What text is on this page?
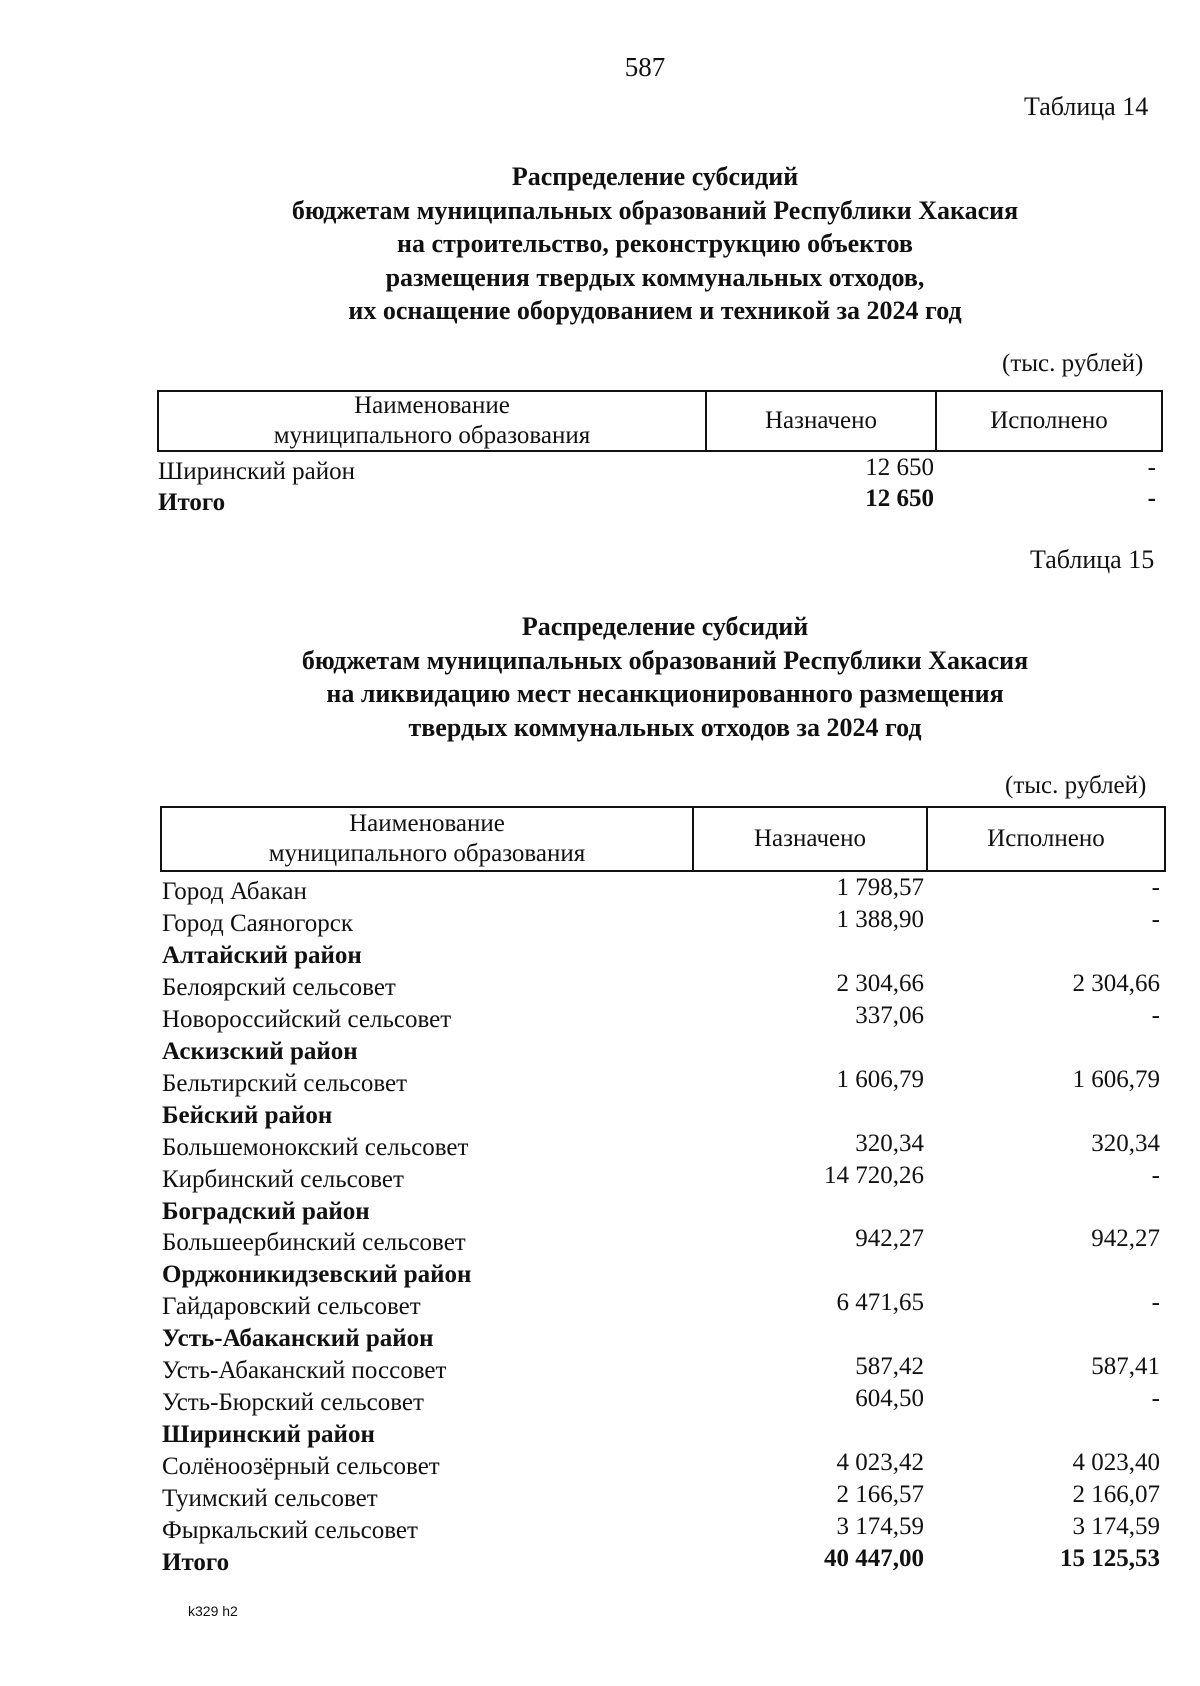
587
Таблица 14
Распределение субсидий
бюджетам муниципальных образований Республики Хакасия
на строительство, реконструкцию объектов
размещения твердых коммунальных отходов,
их оснащение оборудованием и техникой за 2024 год
(тыс. рублей)
Наименование
муниципального образования
Назначено	Исполнено
Ширинский район	12 650	-
Итого	12 650	-
Таблица 15
Распределение субсидий
бюджетам муниципальных образований Республики Хакасия
на ликвидацию мест несанкционированного размещения
твердых коммунальных отходов за 2024 год
(тыс. рублей)
Наименование
муниципального образования
Назначено	Исполнено
Город Абакан	1 798,57	-
Город Саяногорск	1 388,90	-
Алтайский район
Белоярский сельсовет	2 304,66	2 304,66
Новороссийский сельсовет	337,06	-
Аскизский район
Бельтирский сельсовет	1 606,79	1 606,79
Бейский район
Большемонокский сельсовет	320,34	320,34
Кирбинский сельсовет	14 720,26	-
Боградский район
Большеербинский сельсовет	942,27	942,27
Орджоникидзевский район
Гайдаровский сельсовет	6 471,65	-
Усть-Абаканский район
Усть-Абаканский поссовет	587,42	587,41
Усть-Бюрский сельсовет	604,50	-
Ширинский район
Солёноозёрный сельсовет	4 023,42	4 023,40
Туимский сельсовет	2 166,57	2 166,07
Фыркальский сельсовет	3 174,59	3 174,59
Итого	40 447,00	15 125,53
k329 h2
